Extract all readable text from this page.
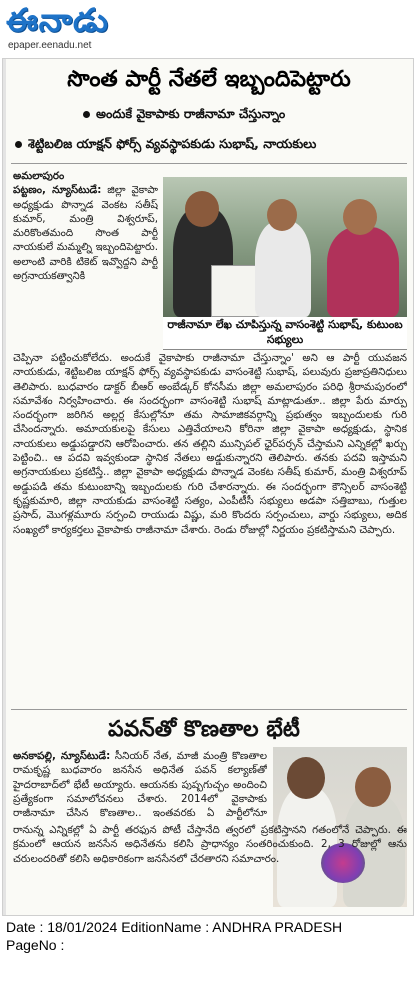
ఈనాడు
epaper.eenadu.net
సొంత పార్టీ నేతలే ఇబ్బందిపెట్టారు
అందుకే వైకాపాకు రాజీనామా చేస్తున్నాం
శెట్టిబలిజ యాక్షన్ ఫోర్స్ వ్యవస్థాపకుడు సుభాష్, నాయకులు
అమలాపురం
పట్టణం, న్యూస్‌టుడే: జిల్లా వైకాపా అధ్యక్షుడు పొన్నాడ వెంకట సతీష్ కుమార్, మంత్రి విశ్వరూప్, మరికొంతమంది సొంత పార్టీ నాయకులే మమ్మల్ని ఇబ్బందిపెట్టారు. అలాంటి వారికి టికెట్ ఇవ్వొద్దని పార్టీ అగ్రనాయకత్వానికి
రాజీనామా లేఖ చూపిస్తున్న వాసంశెట్టి సుభాష్, కుటుంబ సభ్యులు
చెప్పినా పట్టించుకోలేదు. అందుకే వైకాపాకు రాజీనామా చేస్తున్నాం' అని ఆ పార్టీ యువజన నాయకుడు, శెట్టిబలిజ యాక్షన్ ఫోర్స్ వ్యవస్థాపకుడు వాసంశెట్టి సుభాష్, పలువురు ప్రజాప్రతినిధులు తెలిపారు. బుధవారం డాక్టర్ బీఆర్ అంబేడ్కర్ కోనసీమ జిల్లా అమలాపురం పరిధి శ్రీరామపురంలో సమావేశం నిర్వహించారు. ఈ సందర్భంగా వాసంశెట్టి సుభాష్ మాట్లాడుతూ.. జిల్లా పేరు మార్పు సందర్భంగా జరిగిన అల్లర్ల కేసుల్లోనూ తమ సామాజికవర్గాన్ని ప్రభుత్వం ఇబ్బందులకు గురి చేసిందన్నారు. అమాయకులపై కేసులు ఎత్తివేయాలని కోరినా జిల్లా వైకాపా అధ్యక్షుడు, స్థానిక నాయకులు అడ్డుపడ్డారని ఆరోపించారు. తన తల్లిని మున్సిపల్ ఛైర్‌పర్సన్ చేస్తామని ఎన్నికల్లో ఖర్చు పెట్టించి.. ఆ పదవి ఇవ్వకుండా స్థానిక నేతలు అడ్డుకున్నారని తెలిపారు. తనకు పదవి ఇస్తామని అగ్రనాయకులు ప్రకటిస్తే.. జిల్లా వైకాపా అధ్యక్షుడు పొన్నాడ వెంకట సతీష్ కుమార్, మంత్రి విశ్వరూప్ అడ్డుపడి తమ కుటుంబాన్ని ఇబ్బందులకు గురి చేశారన్నారు. ఈ సందర్భంగా కౌన్సిలర్ వాసంశెట్టి కృష్ణకుమారి, జిల్లా నాయకుడు వాసంశెట్టి సత్యం, ఎంపీటీసీ సభ్యులు అడపా సత్తిబాబు, గుత్తుల ప్రసాద్, మొగళ్లమూరు సర్పంచి రాయుడు విష్ణు, మరి కొందరు సర్పంచులు, వార్డు సభ్యులు, అదిక సంఖ్యలో కార్యకర్తలు వైకాపాకు రాజీనామా చేశారు. రెండు రోజుల్లో నిర్ణయం ప్రకటిస్తామని చెప్పారు.
పవన్‌తో కొణతాల భేటీ
అనకాపల్లి, న్యూస్‌టుడే: సీనియర్ నేత, మాజీ మంత్రి కొణతాల రామకృష్ణ బుధవారం జనసేన అధినేత పవన్ కల్యాణ్‌తో హైదరాబాద్‌లో భేటీ అయ్యారు. ఆయనకు పుష్పగుచ్ఛం అందించి ప్రత్యేకంగా సమాలోచనలు చేశారు. 2014లో వైకాపాకు రాజీనామా చేసిన కొణతాల.. ఇంతవరకు ఏ పార్టీలోనూ
రానున్న ఎన్నికల్లో ఏ పార్టీ తరఫున పోటీ చేస్తానేది త్వరలో ప్రకటిస్తానని గతంలోనే చెప్పారు. ఈ క్రమంలో ఆయన జనసేన అధినేతను కలిసి ప్రాధాన్యం సంతరించుకుంది. 2, 3 రోజుల్లో ఆను చరులందరితో కలిసి అధికారికంగా జనసేనలో చేరతారని సమాచారం.
Date : 18/01/2024 EditionName : ANDHRA PRADESH
PageNo :
